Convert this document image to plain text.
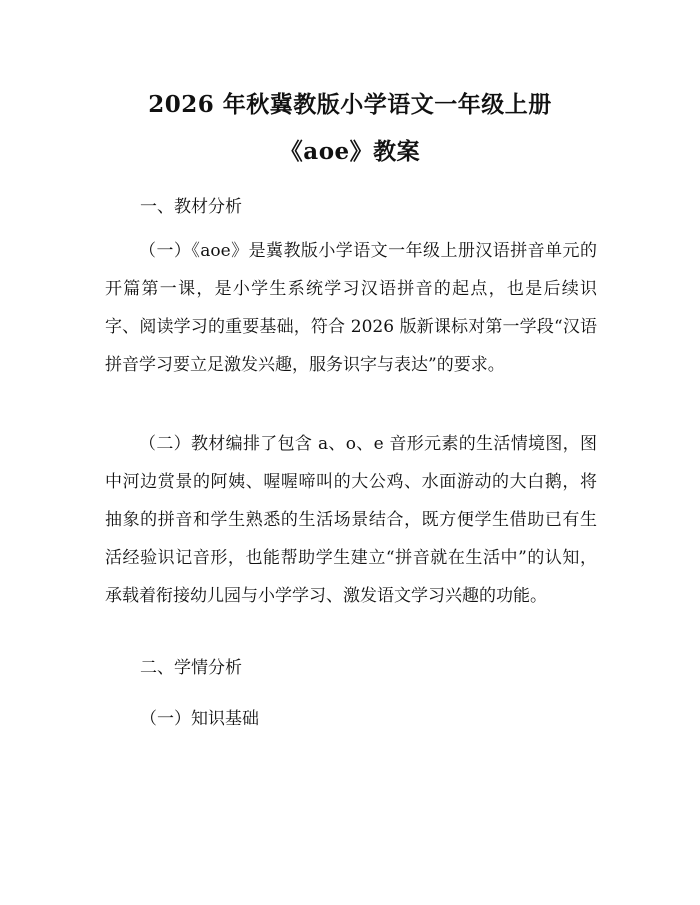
2026 年秋冀教版小学语文一年级上册
《aoe》教案
一、教材分析
（一）《aoe》是冀教版小学语文一年级上册汉语拼音单元的开篇第一课，是小学生系统学习汉语拼音的起点，也是后续识字、阅读学习的重要基础，符合 2026 版新课标对第一学段“汉语拼音学习要立足激发兴趣，服务识字与表达”的要求。
（二）教材编排了包含 a、o、e 音形元素的生活情境图，图中河边赏景的阿姨、喔喔啼叫的大公鸡、水面游动的大白鹅，将抽象的拼音和学生熟悉的生活场景结合，既方便学生借助已有生活经验识记音形，也能帮助学生建立“拼音就在生活中”的认知，承载着衔接幼儿园与小学学习、激发语文学习兴趣的功能。
二、学情分析
（一）知识基础
